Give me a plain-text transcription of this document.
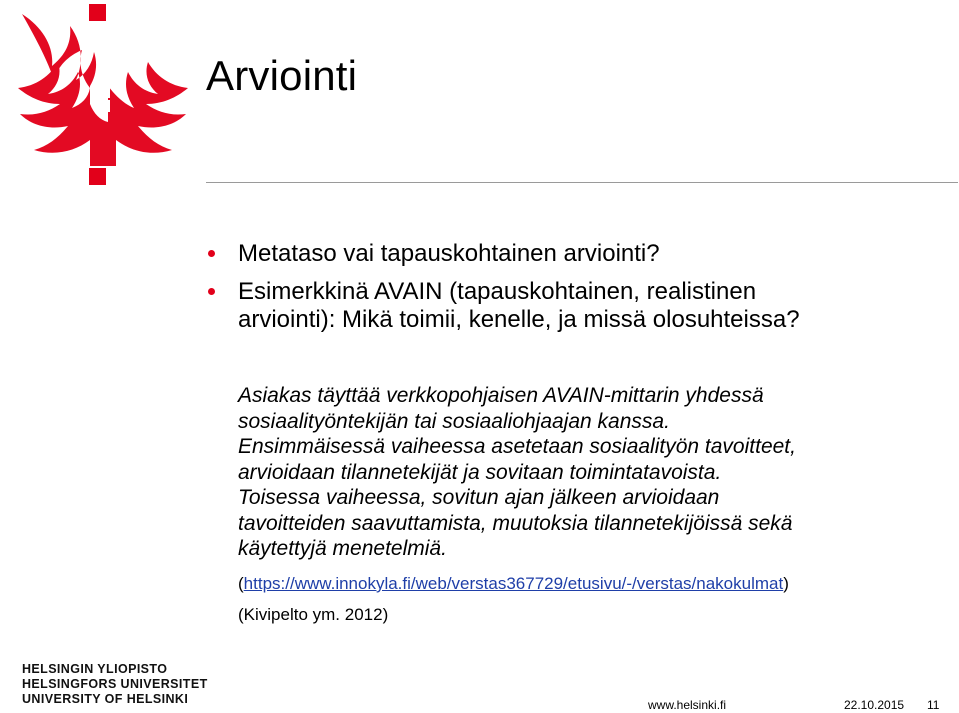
Arviointi
Metataso vai tapauskohtainen arviointi?
Esimerkkinä AVAIN (tapauskohtainen, realistinen
arviointi): Mikä toimii, kenelle, ja missä olosuhteissa?
Asiakas täyttää verkkopohjaisen AVAIN-mittarin yhdessä
sosiaalityöntekijän tai sosiaaliohjaajan kanssa.
Ensimmäisessä vaiheessa asetetaan sosiaalityön tavoitteet,
arvioidaan tilannetekijät ja sovitaan toimintatavoista.
Toisessa vaiheessa, sovitun ajan jälkeen arvioidaan
tavoitteiden saavuttamista, muutoksia tilannetekijöissä sekä
käytettyjä menetelmiä.
(https://www.innokyla.fi/web/verstas367729/etusivu/-/verstas/nakokulmat)
(Kivipelto ym. 2012)
HELSINGIN YLIOPISTO
HELSINGFORS UNIVERSITET
UNIVERSITY OF HELSINKI	www.helsinki.fi	22.10.2015 11
